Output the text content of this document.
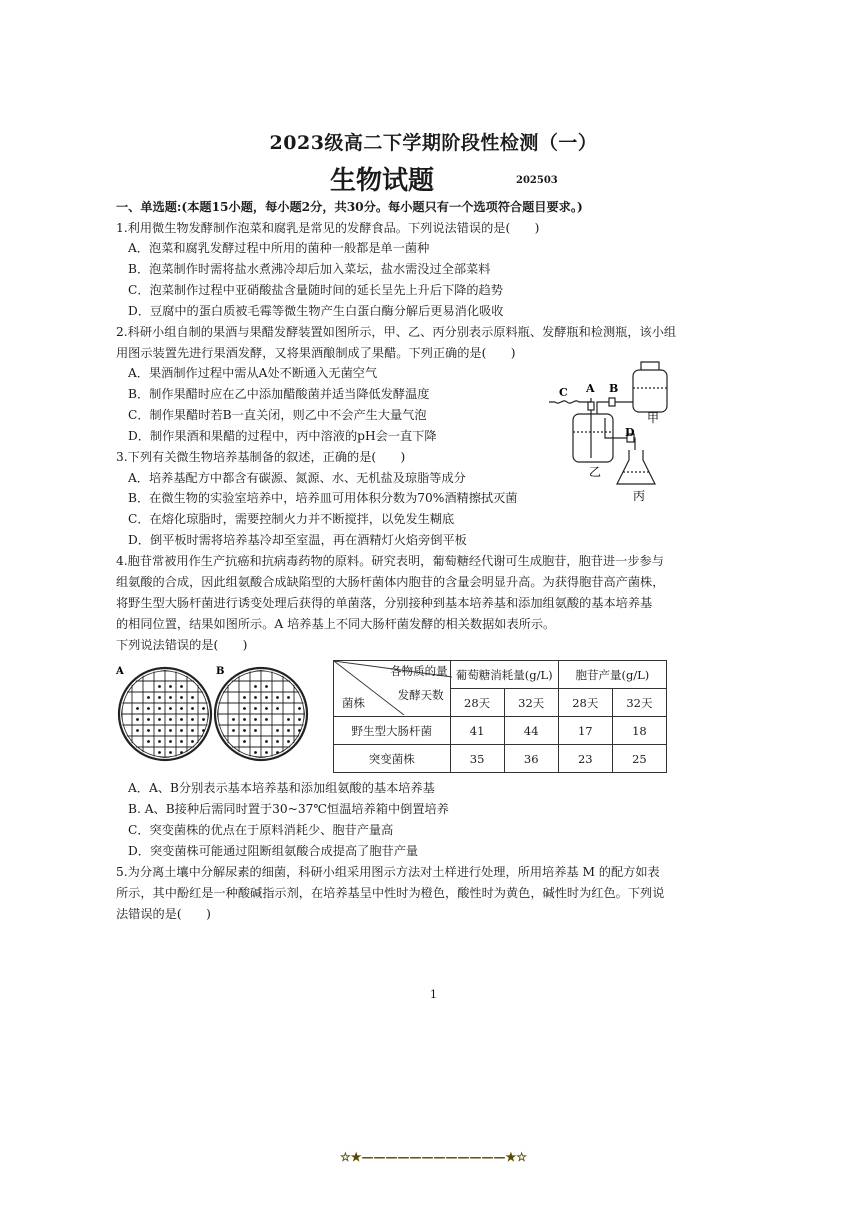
2023级高二下学期阶段性检测（一）
生物试题	202503
一、单选题:(本题15小题，每小题2分，共30分。每小题只有一个选项符合题目要求。)
1.利用微生物发酵制作泡菜和腐乳是常见的发酵食品。下列说法错误的是(　　)
A．泡菜和腐乳发酵过程中所用的菌种一般都是单一菌种
B．泡菜制作时需将盐水煮沸冷却后加入菜坛，盐水需没过全部菜料
C．泡菜制作过程中亚硝酸盐含量随时间的延长呈先上升后下降的趋势
D．豆腐中的蛋白质被毛霉等微生物产生白蛋白酶分解后更易消化吸收
2.科研小组自制的果酒与果醋发酵装置如图所示，甲、乙、丙分别表示原料瓶、发酵瓶和检测瓶，该小组
用图示装置先进行果酒发酵，又将果酒酿制成了果醋。下列正确的是(　　)
A．果酒制作过程中需从A处不断通入无菌空气
B．制作果醋时应在乙中添加醋酸菌并适当降低发酵温度
C．制作果醋时若B一直关闭，则乙中不会产生大量气泡
D．制作果酒和果醋的过程中，丙中溶液的pH会一直下降
A B
C
D
甲
乙
丙
3.下列有关微生物培养基制备的叙述，正确的是(　　)
A．培养基配方中都含有碳源、氮源、水、无机盐及琼脂等成分
B．在微生物的实验室培养中，培养皿可用体积分数为70%酒精擦拭灭菌
C．在熔化琼脂时，需要控制火力并不断搅拌，以免发生糊底
D．倒平板时需将培养基冷却至室温，再在酒精灯火焰旁倒平板
4.胞苷常被用作生产抗癌和抗病毒药物的原料。研究表明，葡萄糖经代谢可生成胞苷，胞苷进一步参与
组氨酸的合成，因此组氨酸合成缺陷型的大肠杆菌体内胞苷的含量会明显升高。为获得胞苷高产菌株，
将野生型大肠杆菌进行诱变处理后获得的单菌落，分别接种到基本培养基和添加组氨酸的基本培养基
的相同位置，结果如图所示。A 培养基上不同大肠杆菌发酵的相关数据如表所示。
下列说法错误的是(　　)
A	B	各物质的量
发酵天数
菌株	葡萄糖消耗量(g/L)		胞苷产量(g/L)	
	28天	32天	28天	32天
野生型大肠杆菌	41	44	17	18
突变菌株	35	36	23	25
A．A、B分别表示基本培养基和添加组氨酸的基本培养基
B. A、B接种后需同时置于30~37℃恒温培养箱中倒置培养
C．突变菌株的优点在于原料消耗少、胞苷产量高
D．突变菌株可能通过阻断组氨酸合成提高了胞苷产量
5.为分离土壤中分解尿素的细菌，科研小组采用图示方法对土样进行处理，所用培养基 M 的配方如表
所示，其中酚红是一种酸碱指示剂，在培养基呈中性时为橙色，酸性时为黄色，碱性时为红色。下列说
法错误的是(　　)
1
☆★————————————★☆
